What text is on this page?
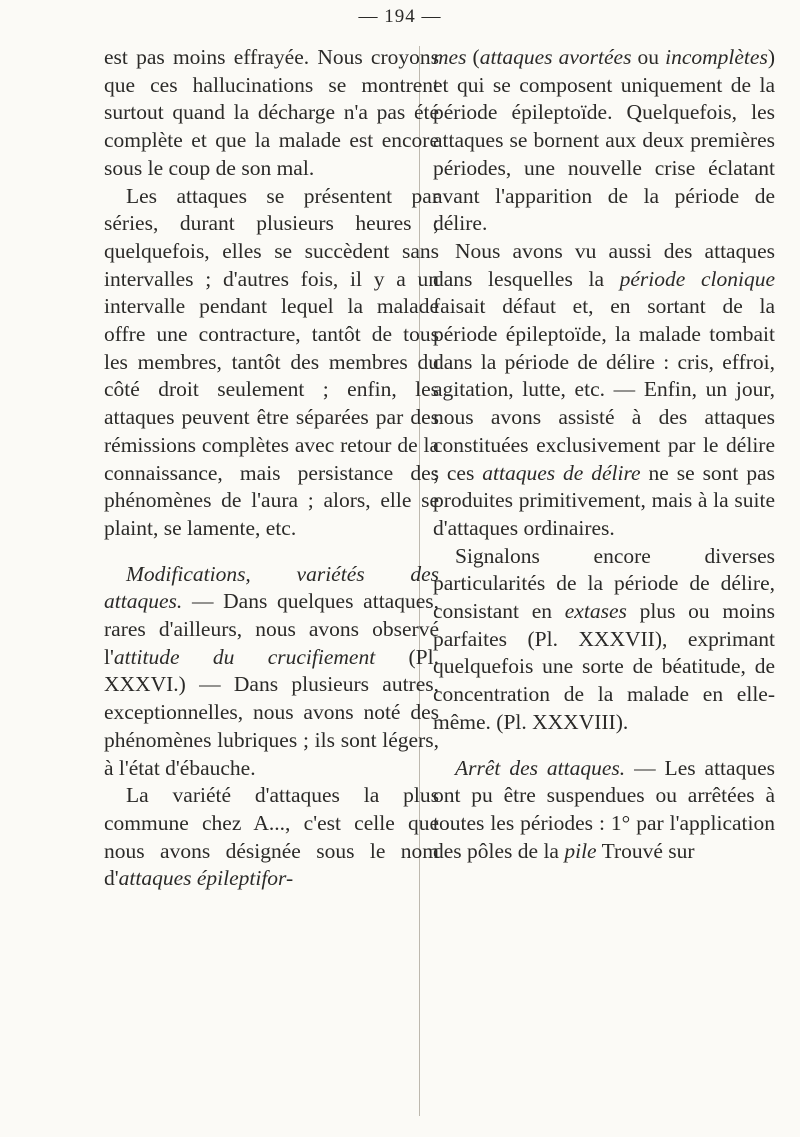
— 194 —

est pas moins effrayée. Nous croyons que ces hallucinations se montrent surtout quand la décharge n'a pas été complète et que la malade est encore sous le coup de son mal.

Les attaques se présentent par séries, durant plusieurs heures ; quelquefois, elles se succèdent sans intervalles ; d'autres fois, il y a un intervalle pendant lequel la malade offre une contracture, tantôt de tous les membres, tantôt des membres du côté droit seulement ; enfin, les attaques peuvent être séparées par des rémissions complètes avec retour de la connaissance, mais persistance des phénomènes de l'aura ; alors, elle se plaint, se lamente, etc.

Modifications, variétés des attaques. — Dans quelques attaques, rares d'ailleurs, nous avons observé l'attitude du crucifiement (Pl. XXXVI.) — Dans plusieurs autres, exceptionnelles, nous avons noté des phénomènes lubriques ; ils sont légers, à l'état d'ébauche.

La variété d'attaques la plus commune chez A..., c'est celle que nous avons désignée sous le nom d'attaques épileptifor-

mes (attaques avortées ou incomplètes) et qui se composent uniquement de la période épileptoïde. Quelquefois, les attaques se bornent aux deux premières périodes, une nouvelle crise éclatant avant l'apparition de la période de délire.

Nous avons vu aussi des attaques dans lesquelles la période clonique faisait défaut et, en sortant de la période épileptoïde, la malade tombait dans la période de délire : cris, effroi, agitation, lutte, etc. — Enfin, un jour, nous avons assisté à des attaques constituées exclusivement par le délire ; ces attaques de délire ne se sont pas produites primitivement, mais à la suite d'attaques ordinaires.

Signalons encore diverses particularités de la période de délire, consistant en extases plus ou moins parfaites (Pl. XXXVII), exprimant quelquefois une sorte de béatitude, de concentration de la malade en elle-même. (Pl. XXXVIII).

Arrêt des attaques. — Les attaques ont pu être suspendues ou arrêtées à toutes les périodes : 1° par l'application des pôles de la pile Trouvé sur
